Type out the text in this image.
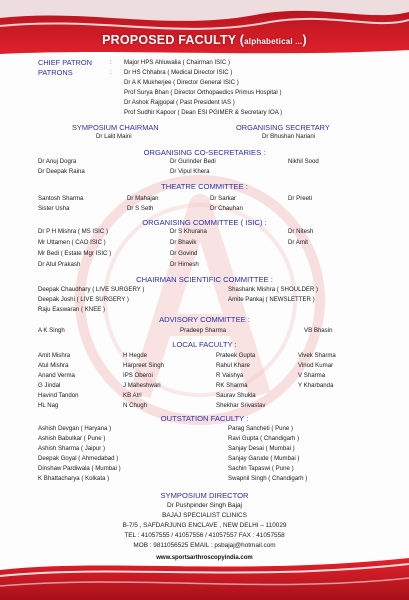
PROPOSED FACULTY (alphabetical ...)
CHIEF PATRON	: Major HPS Ahluwalia ( Chairman ISIC )
PATRONS	: Dr HS Chhabra ( Medical Director ISIC )
Dr A K Mukherjee ( Director General ISIC )
Prof Surya Bhan ( Director Orthopaedics Primus Hospital )
Dr Ashok Rajgopal ( Past President IAS )
Prof Sudhir Kapoor ( Dean ESI PGIMER & Secretary IOA )
SYMPOSIUM CHAIRMAN
Dr Lalit Maini
ORGANISING SECRETARY
Dr Bhushan Nariani
ORGANISING CO-SECRETARIES :
Dr Anuj Dogra	Dr Gurinder Bedi	Nikhil Sood
Dr Deepak Raina	Dr Vipul Khera
THEATRE COMMITTEE :
Santosh Sharma	Dr Mahajan	Dr Sarkar	Dr Preeti
Sister Usha	Dr S Seth	Dr Chauhan
ORGANISING COMMITTEE ( ISIC) :
Dr P H Mishra ( MS ISIC )	Dr S Khurana	Dr Nitesh
Mr Uttamen ( CAO ISIC )	Dr Bhavik	Dr Amit
Mr Bedi ( Estate Mgr ISIC )	Dr Govind
Dr Atul Prakash	Dr Himesh
CHAIRMAN SCIENTIFIC COMMITTEE :
Deepak Chaudhary ( LIVE SURGERY )	Shashank Mishra ( SHOULDER )
Deepak Joshi ( LIVE SURGERY )	Amite Pankaj ( NEWSLETTER )
Raju Easwaran ( KNEE )
ADVISORY COMMITTEE :
A K Singh	Pradeep Sharma	VB Bhasin
LOCAL FACULTY :
Amit Mishra	H Hegde	Prateek Gupta	Vivek Sharma
Atul Mishra	Harpreet Singh	Rahul Khare	Vinod Kumar
Anand Verma	IPS Oberoi	R Vaishya	V Sharma
G Jindal	J Maheshwari	RK Sharma	Y Kharbanda
Havind Tandon	KB Atri	Saurav Shukla
HL Nag	N Chugh	Shekhar Srivastav
OUTSTATION FACULTY :
Ashish Devgan ( Haryana )	Parag Sancheti ( Pune )
Ashish Babulkar ( Pune )	Ravi Gupta ( Chandigarh )
Ashish Sharma ( Jaipur )	Sanjay Desai ( Mumbai )
Deepak Goyal ( Ahmedabad )	Sanjay Garude ( Mumbai )
Dinshaw Pardiwala ( Mumbai )	Sachin Tapaswi ( Pune )
K Bhattacharya ( Kolkata )	Swapnil Singh ( Chandigarh )
SYMPOSIUM DIRECTOR
Dr Pushpinder Singh Bajaj
BAJAJ SPECIALIST CLINICS
B-7/5 , SAFDARJUNG ENCLAVE , NEW DELHI – 110029
TEL : 41057555 / 41057556 / 41057557 FAX : 41057558
MOB : 9811056525 EMAIL : psbajaj@hotmail.com
www.sportsarthroscopyindia.com
